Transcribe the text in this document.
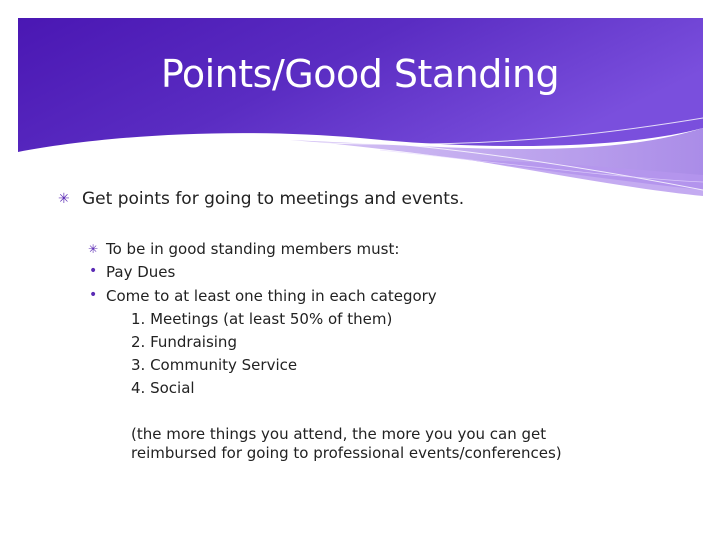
Points/Good Standing
✳ Get points for going to meetings and events.
✳ To be in good standing members must:
• Pay Dues
• Come to at least one thing in each category
1. Meetings (at least 50% of them)
2. Fundraising
3. Community Service
4. Social
(the more things you attend, the more you you can get reimbursed for going to professional events/conferences)
